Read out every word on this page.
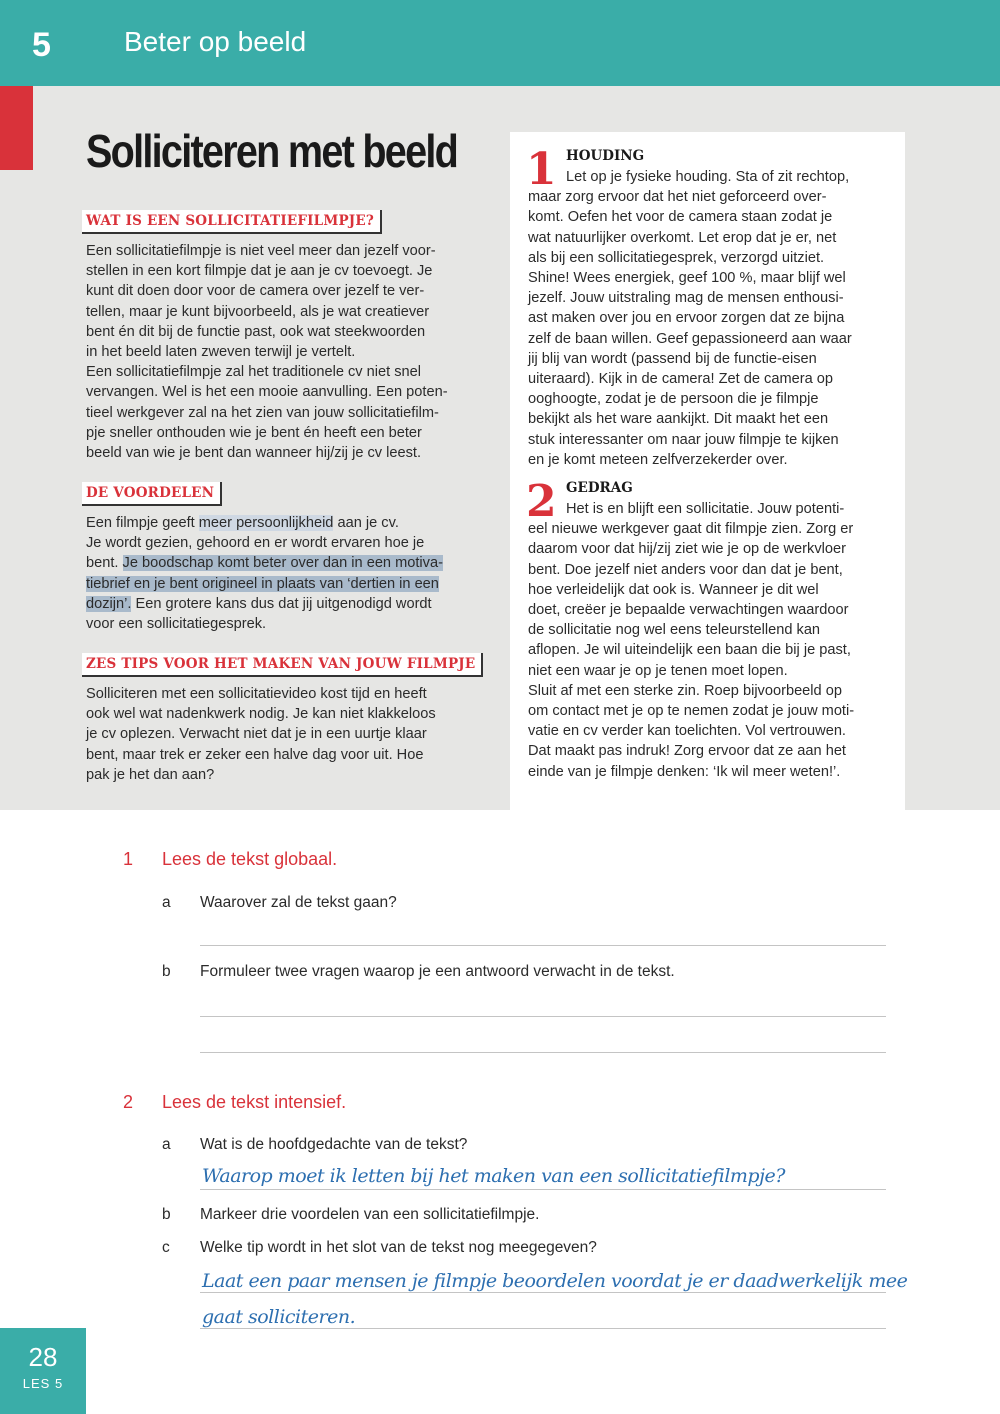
5	Beter op beeld
Solliciteren met beeld
WAT IS EEN SOLLICITATIEFILMPJE?

Een sollicitatiefilmpje is niet veel meer dan jezelf voor-

stellen in een kort filmpje dat je aan je cv toevoegt. Je

kunt dit doen door voor de camera over jezelf te ver-

tellen, maar je kunt bijvoorbeeld, als je wat creatiever

bent én dit bij de functie past, ook wat steekwoorden

in het beeld laten zweven terwijl je vertelt.

Een sollicitatiefilmpje zal het traditionele cv niet snel

vervangen. Wel is het een mooie aanvulling. Een poten-

tieel werkgever zal na het zien van jouw sollicitatiefilm-

pje sneller onthouden wie je bent én heeft een beter

beeld van wie je bent dan wanneer hij/zij je cv leest.

DE VOORDELEN

Een filmpje geeft meer persoonlijkheid aan je cv.

Je wordt gezien, gehoord en er wordt ervaren hoe je

bent. Je boodschap komt beter over dan in een motiva-

tiebrief en je bent origineel in plaats van ‘dertien in een

dozijn’. Een grotere kans dus dat jij uitgenodigd wordt

voor een sollicitatiegesprek.

ZES TIPS VOOR HET MAKEN VAN JOUW FILMPJE

Solliciteren met een sollicitatievideo kost tijd en heeft

ook wel wat nadenkwerk nodig. Je kan niet klakkeloos

je cv oplezen. Verwacht niet dat je in een uurtje klaar

bent, maar trek er zeker een halve dag voor uit. Hoe

pak je het dan aan?

1 HOUDING

Let op je fysieke houding. Sta of zit rechtop,

maar zorg ervoor dat het niet geforceerd over-

komt. Oefen het voor de camera staan zodat je

wat natuurlijker overkomt. Let erop dat je er, net

als bij een sollicitatiegesprek, verzorgd uitziet.

Shine! Wees energiek, geef 100 %, maar blijf wel

jezelf. Jouw uitstraling mag de mensen enthousi-

ast maken over jou en ervoor zorgen dat ze bijna

zelf de baan willen. Geef gepassioneerd aan waar

jij blij van wordt (passend bij de functie-eisen

uiteraard). Kijk in de camera! Zet de camera op

ooghoogte, zodat je de persoon die je filmpje

bekijkt als het ware aankijkt. Dit maakt het een

stuk interessanter om naar jouw filmpje te kijken

en je komt meteen zelfverzekerder over.

2 GEDRAG

Het is en blijft een sollicitatie. Jouw potenti-

eel nieuwe werkgever gaat dit filmpje zien. Zorg er

daarom voor dat hij/zij ziet wie je op de werkvloer

bent. Doe jezelf niet anders voor dan dat je bent,

hoe verleidelijk dat ook is. Wanneer je dit wel

doet, creëer je bepaalde verwachtingen waardoor

de sollicitatie nog wel eens teleurstellend kan

aflopen. Je wil uiteindelijk een baan die bij je past,

niet een waar je op je tenen moet lopen.

Sluit af met een sterke zin. Roep bijvoorbeeld op

om contact met je op te nemen zodat je jouw moti-

vatie en cv verder kan toelichten. Vol vertrouwen.

Dat maakt pas indruk! Zorg ervoor dat ze aan het

einde van je filmpje denken: ‘Ik wil meer weten!’.

1 Lees de tekst globaal.
a Waarover zal de tekst gaan?
b Formuleer twee vragen waarop je een antwoord verwacht in de tekst.
2 Lees de tekst intensief.
a Wat is de hoofdgedachte van de tekst?
Waarop moet ik letten bij het maken van een sollicitatiefilmpje?
b Markeer drie voordelen van een sollicitatiefilmpje.
c Welke tip wordt in het slot van de tekst nog meegegeven?
Laat een paar mensen je filmpje beoordelen voordat je er daadwerkelijk mee
gaat solliciteren.
28
LES 5
